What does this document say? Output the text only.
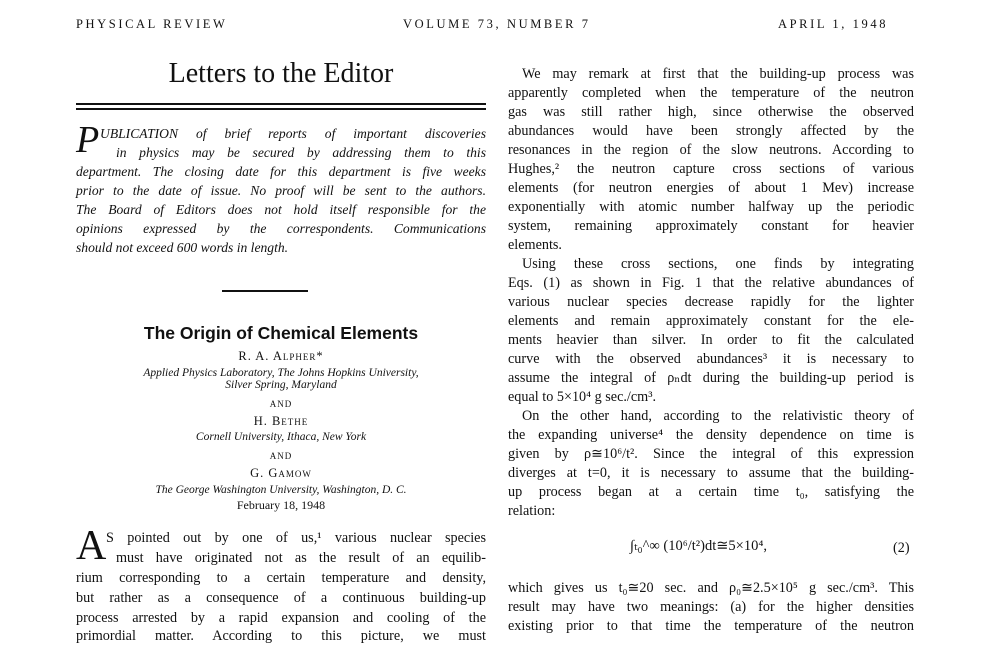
PHYSICAL REVIEW	VOLUME 73, NUMBER 7	APRIL 1, 1948
Letters to the Editor
P UBLICATION of brief reports of important discoveries
in physics may be secured by addressing them to this
department. The closing date for this department is five weeks
prior to the date of issue. No proof will be sent to the authors.
The Board of Editors does not hold itself responsible for the
opinions expressed by the correspondents. Communications
should not exceed 600 words in length.
The Origin of Chemical Elements
R. A. Alpher*
Applied Physics Laboratory, The Johns Hopkins University,
Silver Spring, Maryland
AND
H. Bethe
Cornell University, Ithaca, New York
AND
G. Gamow
The George Washington University, Washington, D. C.
February 18, 1948
A S pointed out by one of us,¹ various nuclear species
must have originated not as the result of an equilib-
rium corresponding to a certain temperature and density,
but rather as a consequence of a continuous building-up
process arrested by a rapid expansion and cooling of the
primordial matter. According to this picture, we must
We may remark at first that the building-up process was
apparently completed when the temperature of the neutron
gas was still rather high, since otherwise the observed
abundances would have been strongly affected by the
resonances in the region of the slow neutrons. According to
Hughes,² the neutron capture cross sections of various
elements (for neutron energies of about 1 Mev) increase
exponentially with atomic number halfway up the periodic
system, remaining approximately constant for heavier
elements.
Using these cross sections, one finds by integrating
Eqs. (1) as shown in Fig. 1 that the relative abundances of
various nuclear species decrease rapidly for the lighter
elements and remain approximately constant for the ele-
ments heavier than silver. In order to fit the calculated
curve with the observed abundances³ it is necessary to
assume the integral of ρₙdt during the building-up period is
equal to 5×10⁴ g sec./cm³.
On the other hand, according to the relativistic theory of
the expanding universe⁴ the density dependence on time is
given by ρ≅10⁶/t². Since the integral of this expression
diverges at t=0, it is necessary to assume that the building-
up process began at a certain time t₀, satisfying the
relation:
∫ₜ₀^∞ (10⁶/t²)dt≅5×10⁴,	(2)
which gives us t₀≅20 sec. and ρ₀≅2.5×10⁵ g sec./cm³. This
result may have two meanings: (a) for the higher densities
existing prior to that time the temperature of the neutron
